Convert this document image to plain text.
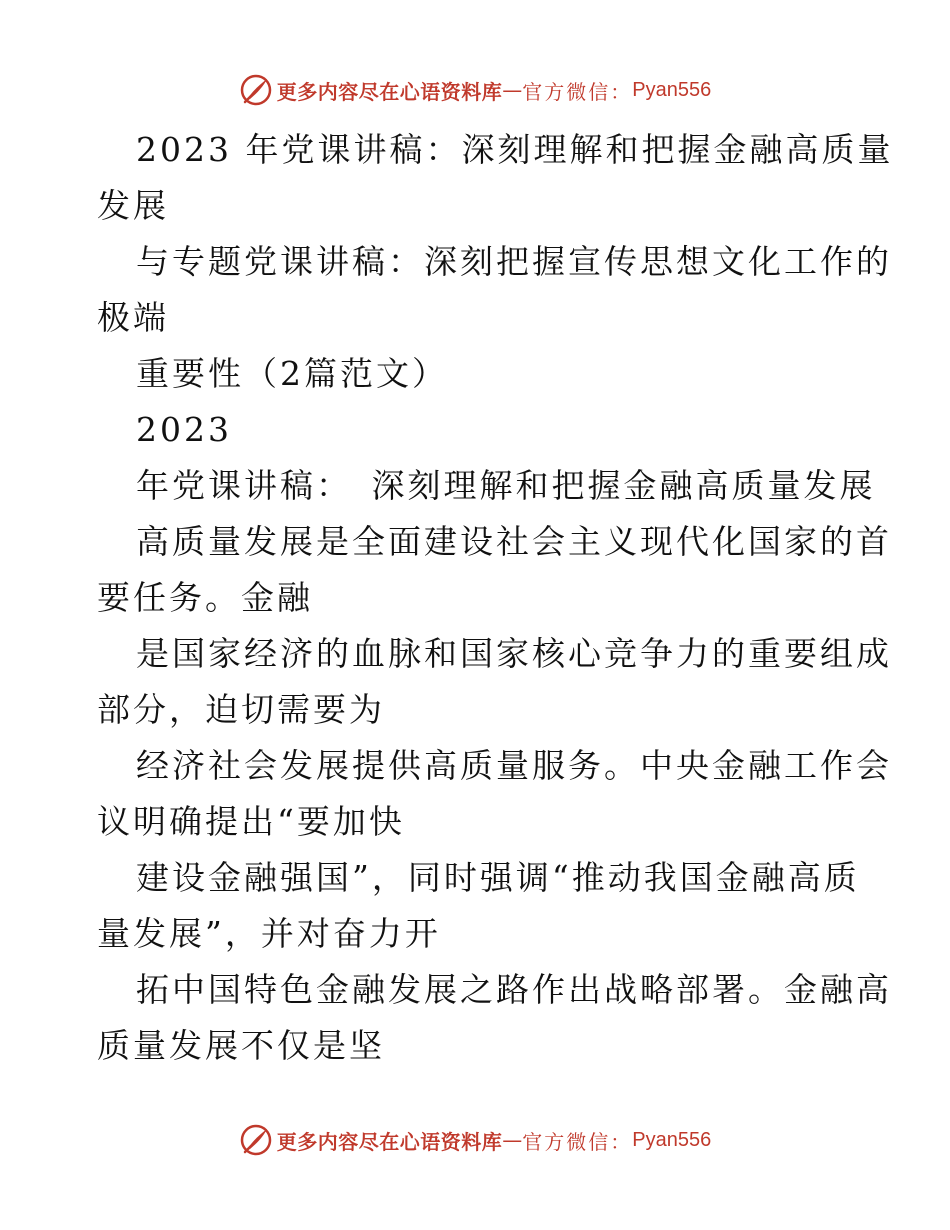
更多内容尽在心语资料库 — 官方微信： Pyan556
2023 年党课讲稿：深刻理解和把握金融高质量
发展
与专题党课讲稿：深刻把握宣传思想文化工作的
极端
重要性（2篇范文）
2023
年党课讲稿：　深刻理解和把握金融高质量发展
高质量发展是全面建设社会主义现代化国家的首
要任务。金融
是国家经济的血脉和国家核心竞争力的重要组成
部分，迫切需要为
经济社会发展提供高质量服务。中央金融工作会
议明确提出“要加快
建设金融强国”，同时强调“推动我国金融高质
量发展”，并对奋力开
拓中国特色金融发展之路作出战略部署。金融高
质量发展不仅是坚
更多内容尽在心语资料库 — 官方微信： Pyan556
